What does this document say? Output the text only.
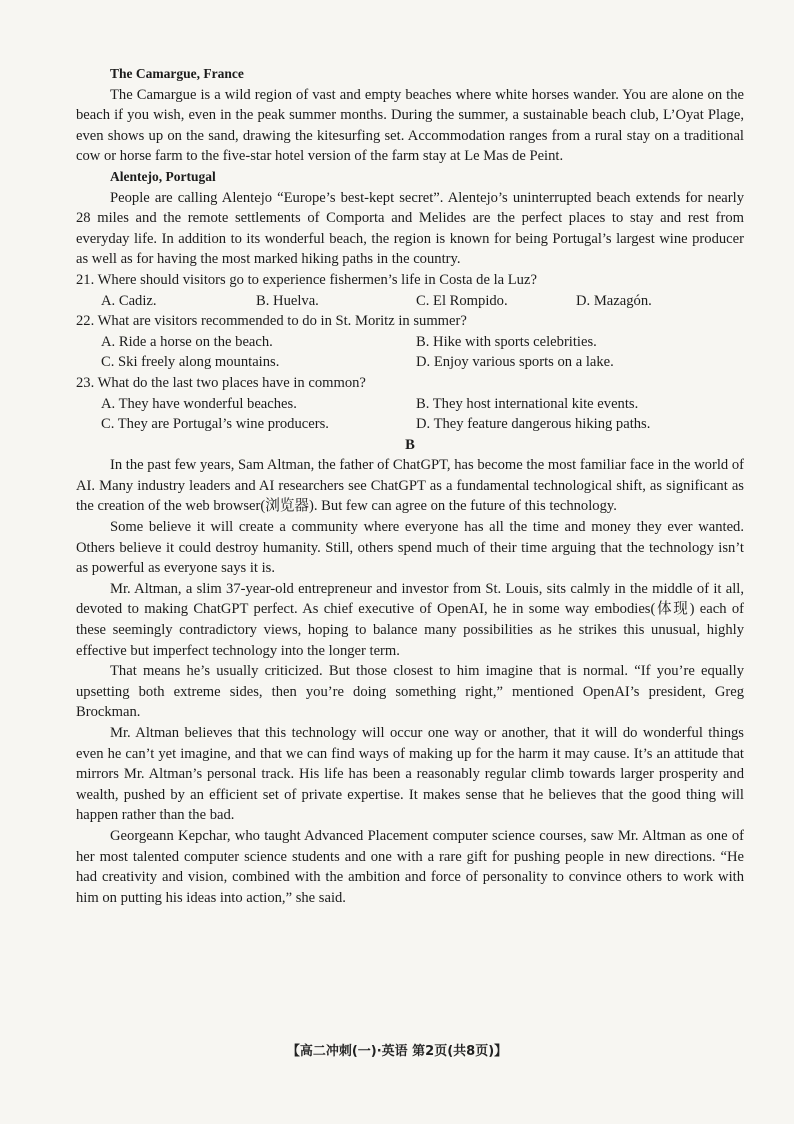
The Camargue, France

The Camargue is a wild region of vast and empty beaches where white horses wander. You are alone on the beach if you wish, even in the peak summer months. During the summer, a sustainable beach club, L’Oyat Plage, even shows up on the sand, drawing the kitesurfing set. Accommodation ranges from a rural stay on a traditional cow or horse farm to the five-star hotel version of the farm stay at Le Mas de Peint.

Alentejo, Portugal

People are calling Alentejo “Europe’s best-kept secret”. Alentejo’s uninterrupted beach extends for nearly 28 miles and the remote settlements of Comporta and Melides are the perfect places to stay and rest from everyday life. In addition to its wonderful beach, the region is known for being Portugal’s largest wine producer as well as for having the most marked hiking paths in the country.

21. Where should visitors go to experience fishermen’s life in Costa de la Luz?

A. Cadiz.	B. Huelva.	C. El Rompido.	D. Mazagón.

22. What are visitors recommended to do in St. Moritz in summer?

A. Ride a horse on the beach.	B. Hike with sports celebrities.
C. Ski freely along mountains.	D. Enjoy various sports on a lake.

23. What do the last two places have in common?

A. They have wonderful beaches.	B. They host international kite events.
C. They are Portugal’s wine producers.	D. They feature dangerous hiking paths.

B

In the past few years, Sam Altman, the father of ChatGPT, has become the most familiar face in the world of AI. Many industry leaders and AI researchers see ChatGPT as a fundamental technological shift, as significant as the creation of the web browser(浏览器). But few can agree on the future of this technology.

Some believe it will create a community where everyone has all the time and money they ever wanted. Others believe it could destroy humanity. Still, others spend much of their time arguing that the technology isn’t as powerful as everyone says it is.

Mr. Altman, a slim 37-year-old entrepreneur and investor from St. Louis, sits calmly in the middle of it all, devoted to making ChatGPT perfect. As chief executive of OpenAI, he in some way embodies(体现) each of these seemingly contradictory views, hoping to balance many possibilities as he strikes this unusual, highly effective but imperfect technology into the longer term.

That means he’s usually criticized. But those closest to him imagine that is normal. “If you’re equally upsetting both extreme sides, then you’re doing something right,” mentioned OpenAI’s president, Greg Brockman.

Mr. Altman believes that this technology will occur one way or another, that it will do wonderful things even he can’t yet imagine, and that we can find ways of making up for the harm it may cause. It’s an attitude that mirrors Mr. Altman’s personal track. His life has been a reasonably regular climb towards larger prosperity and wealth, pushed by an efficient set of private expertise. It makes sense that he believes that the good thing will happen rather than the bad.

Georgeann Kepchar, who taught Advanced Placement computer science courses, saw Mr. Altman as one of her most talented computer science students and one with a rare gift for pushing people in new directions. “He had creativity and vision, combined with the ambition and force of personality to convince others to work with him on putting his ideas into action,” she said.

【高二冲刺(一)·英语 第2页(共8页)】
